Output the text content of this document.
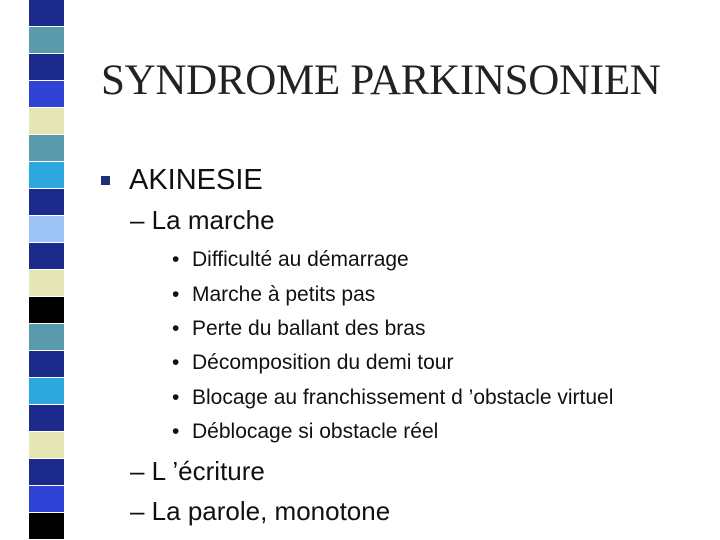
SYNDROME PARKINSONIEN
AKINESIE
– La marche
• Difficulté au démarrage
• Marche à petits pas
• Perte du ballant des bras
• Décomposition du demi tour
• Blocage au franchissement d ’obstacle virtuel
• Déblocage si obstacle réel
– L ’écriture
– La parole, monotone
